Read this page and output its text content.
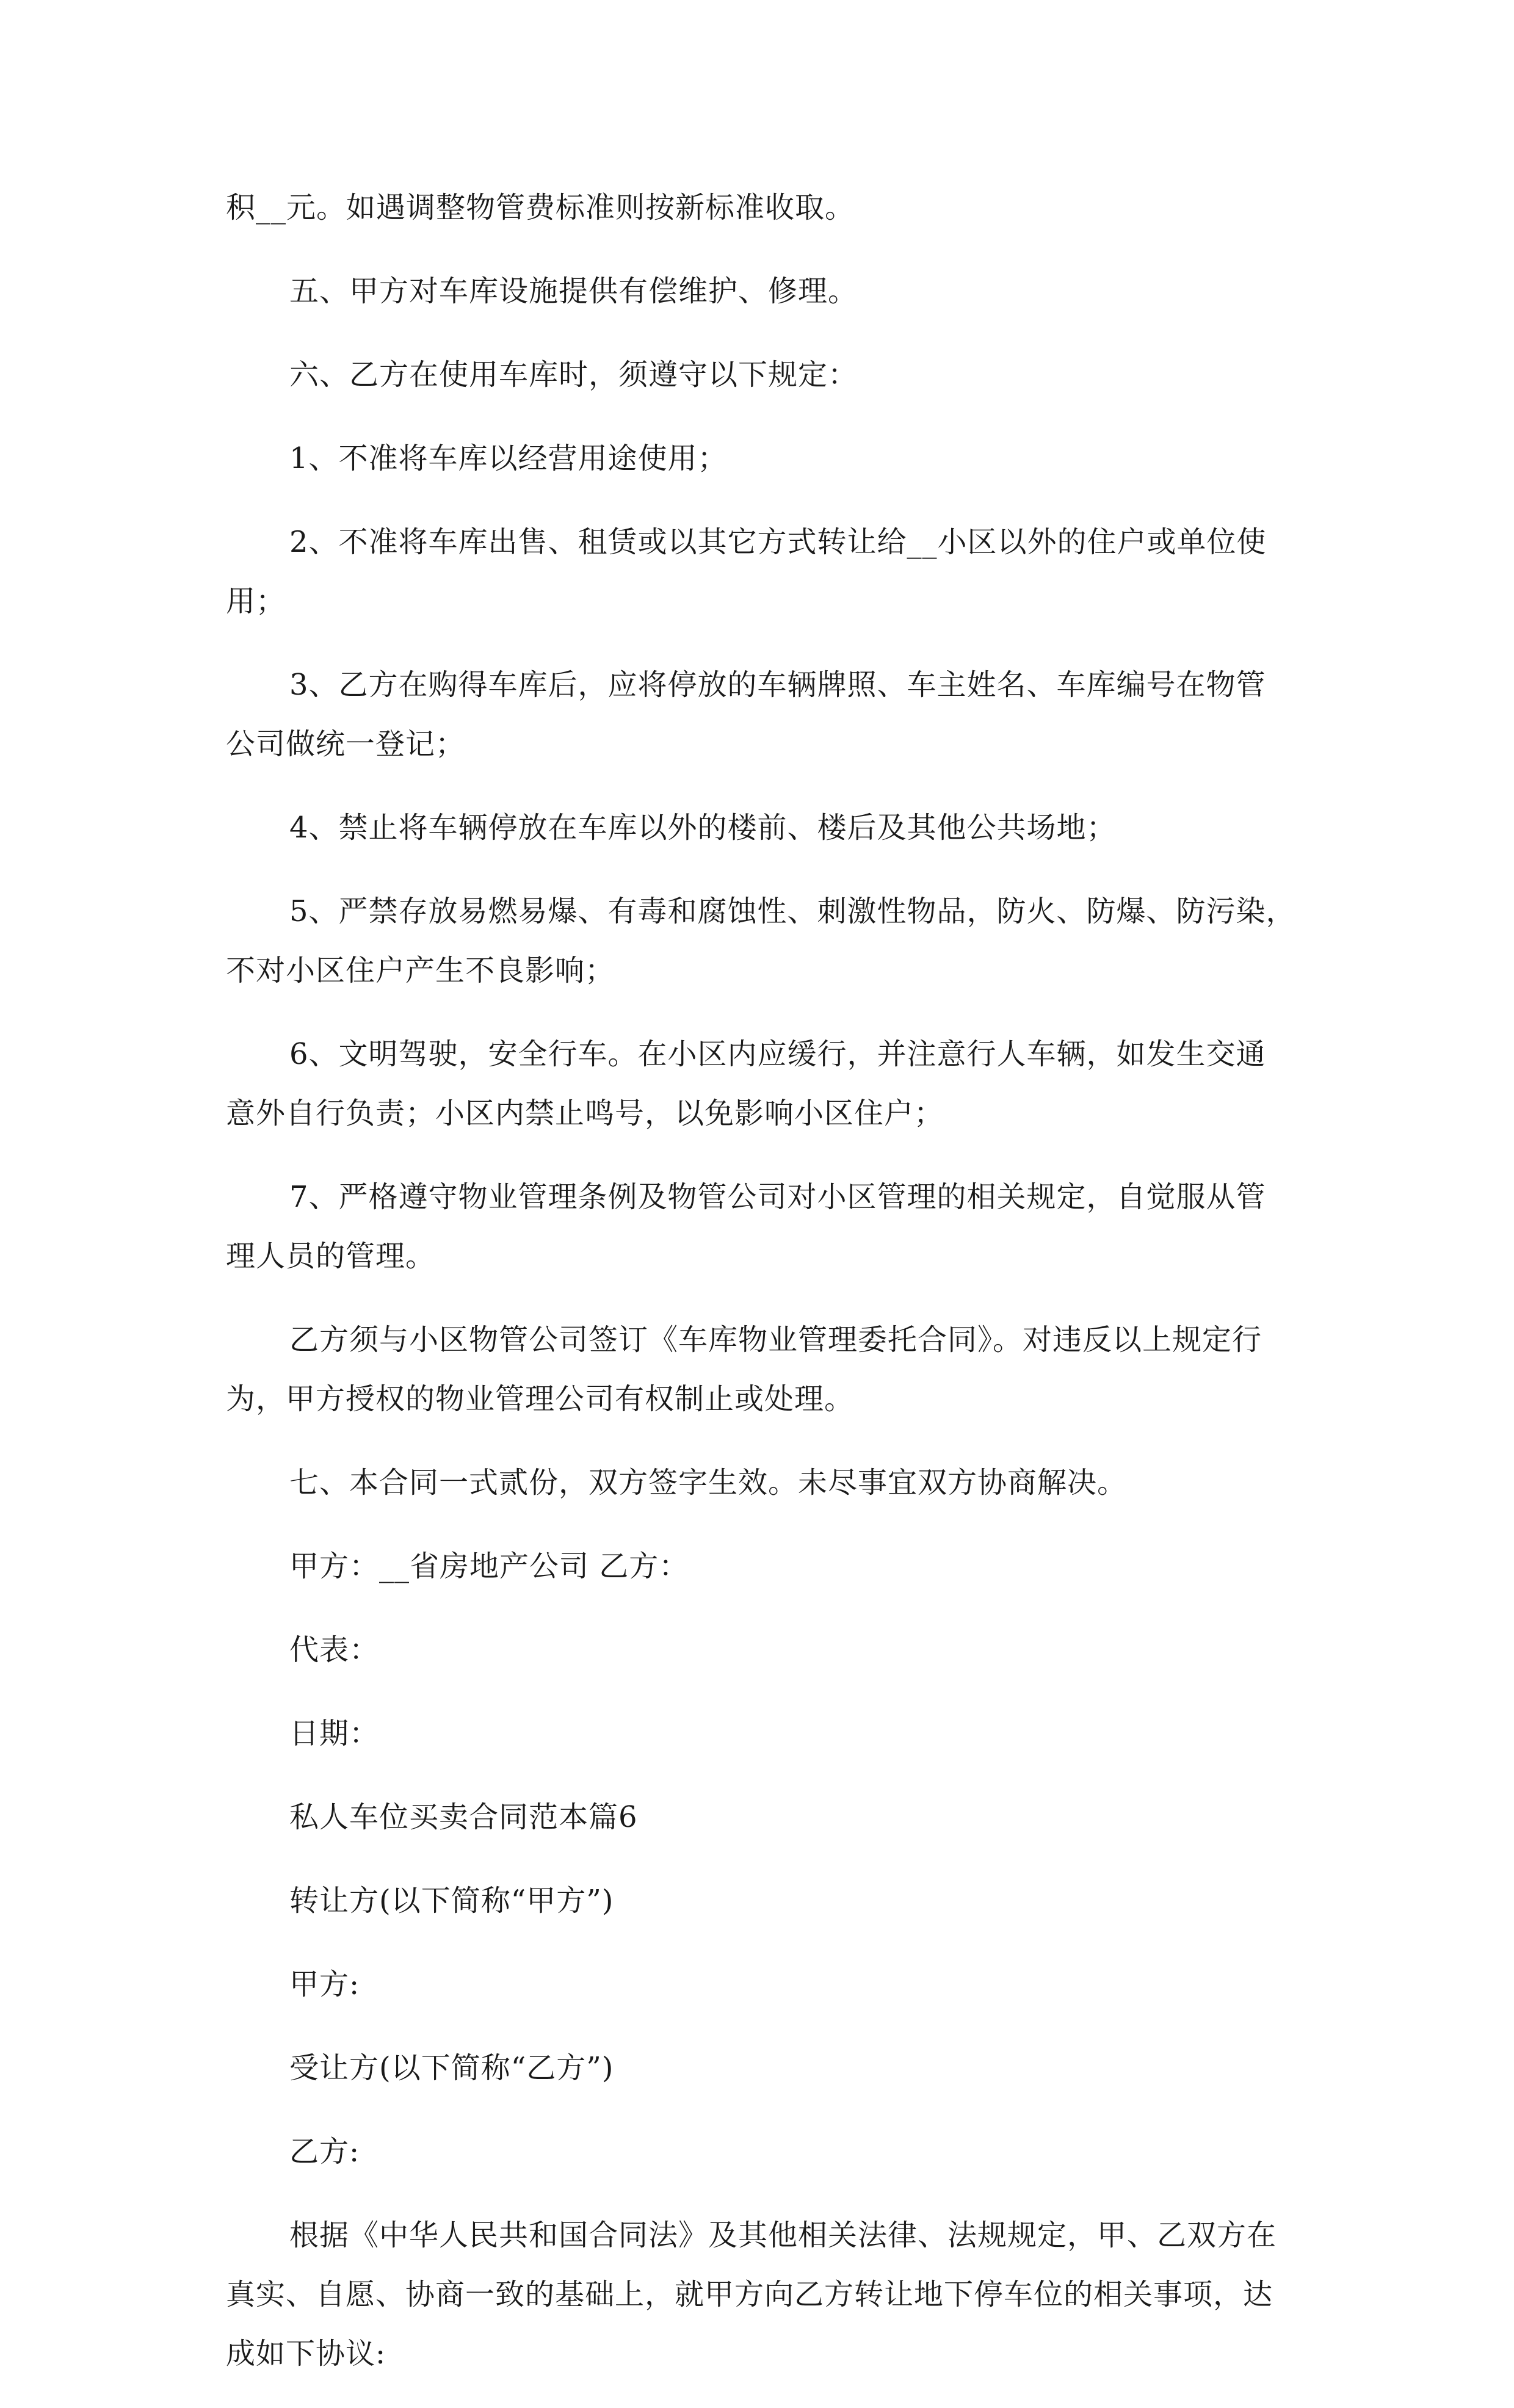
积__元。如遇调整物管费标准则按新标准收取。

五、甲方对车库设施提供有偿维护、修理。

六、乙方在使用车库时，须遵守以下规定：

1、不准将车库以经营用途使用；

2、不准将车库出售、租赁或以其它方式转让给__小区以外的住户或单位使
用；

3、乙方在购得车库后，应将停放的车辆牌照、车主姓名、车库编号在物管
公司做统一登记；

4、禁止将车辆停放在车库以外的楼前、楼后及其他公共场地；

5、严禁存放易燃易爆、有毒和腐蚀性、刺激性物品，防火、防爆、防污染，
不对小区住户产生不良影响；

6、文明驾驶，安全行车。在小区内应缓行，并注意行人车辆，如发生交通
意外自行负责；小区内禁止鸣号，以免影响小区住户；

7、严格遵守物业管理条例及物管公司对小区管理的相关规定，自觉服从管
理人员的管理。

乙方须与小区物管公司签订《车库物业管理委托合同》。对违反以上规定行
为，甲方授权的物业管理公司有权制止或处理。

七、本合同一式贰份，双方签字生效。未尽事宜双方协商解决。

甲方：__省房地产公司 乙方：

代表：

日期：

私人车位买卖合同范本篇6

转让方(以下简称“甲方”)

甲方:

受让方(以下简称“乙方”)

乙方:

根据《中华人民共和国合同法》及其他相关法律、法规规定，甲、乙双方在
真实、自愿、协商一致的基础上，就甲方向乙方转让地下停车位的相关事项，达
成如下协议:
